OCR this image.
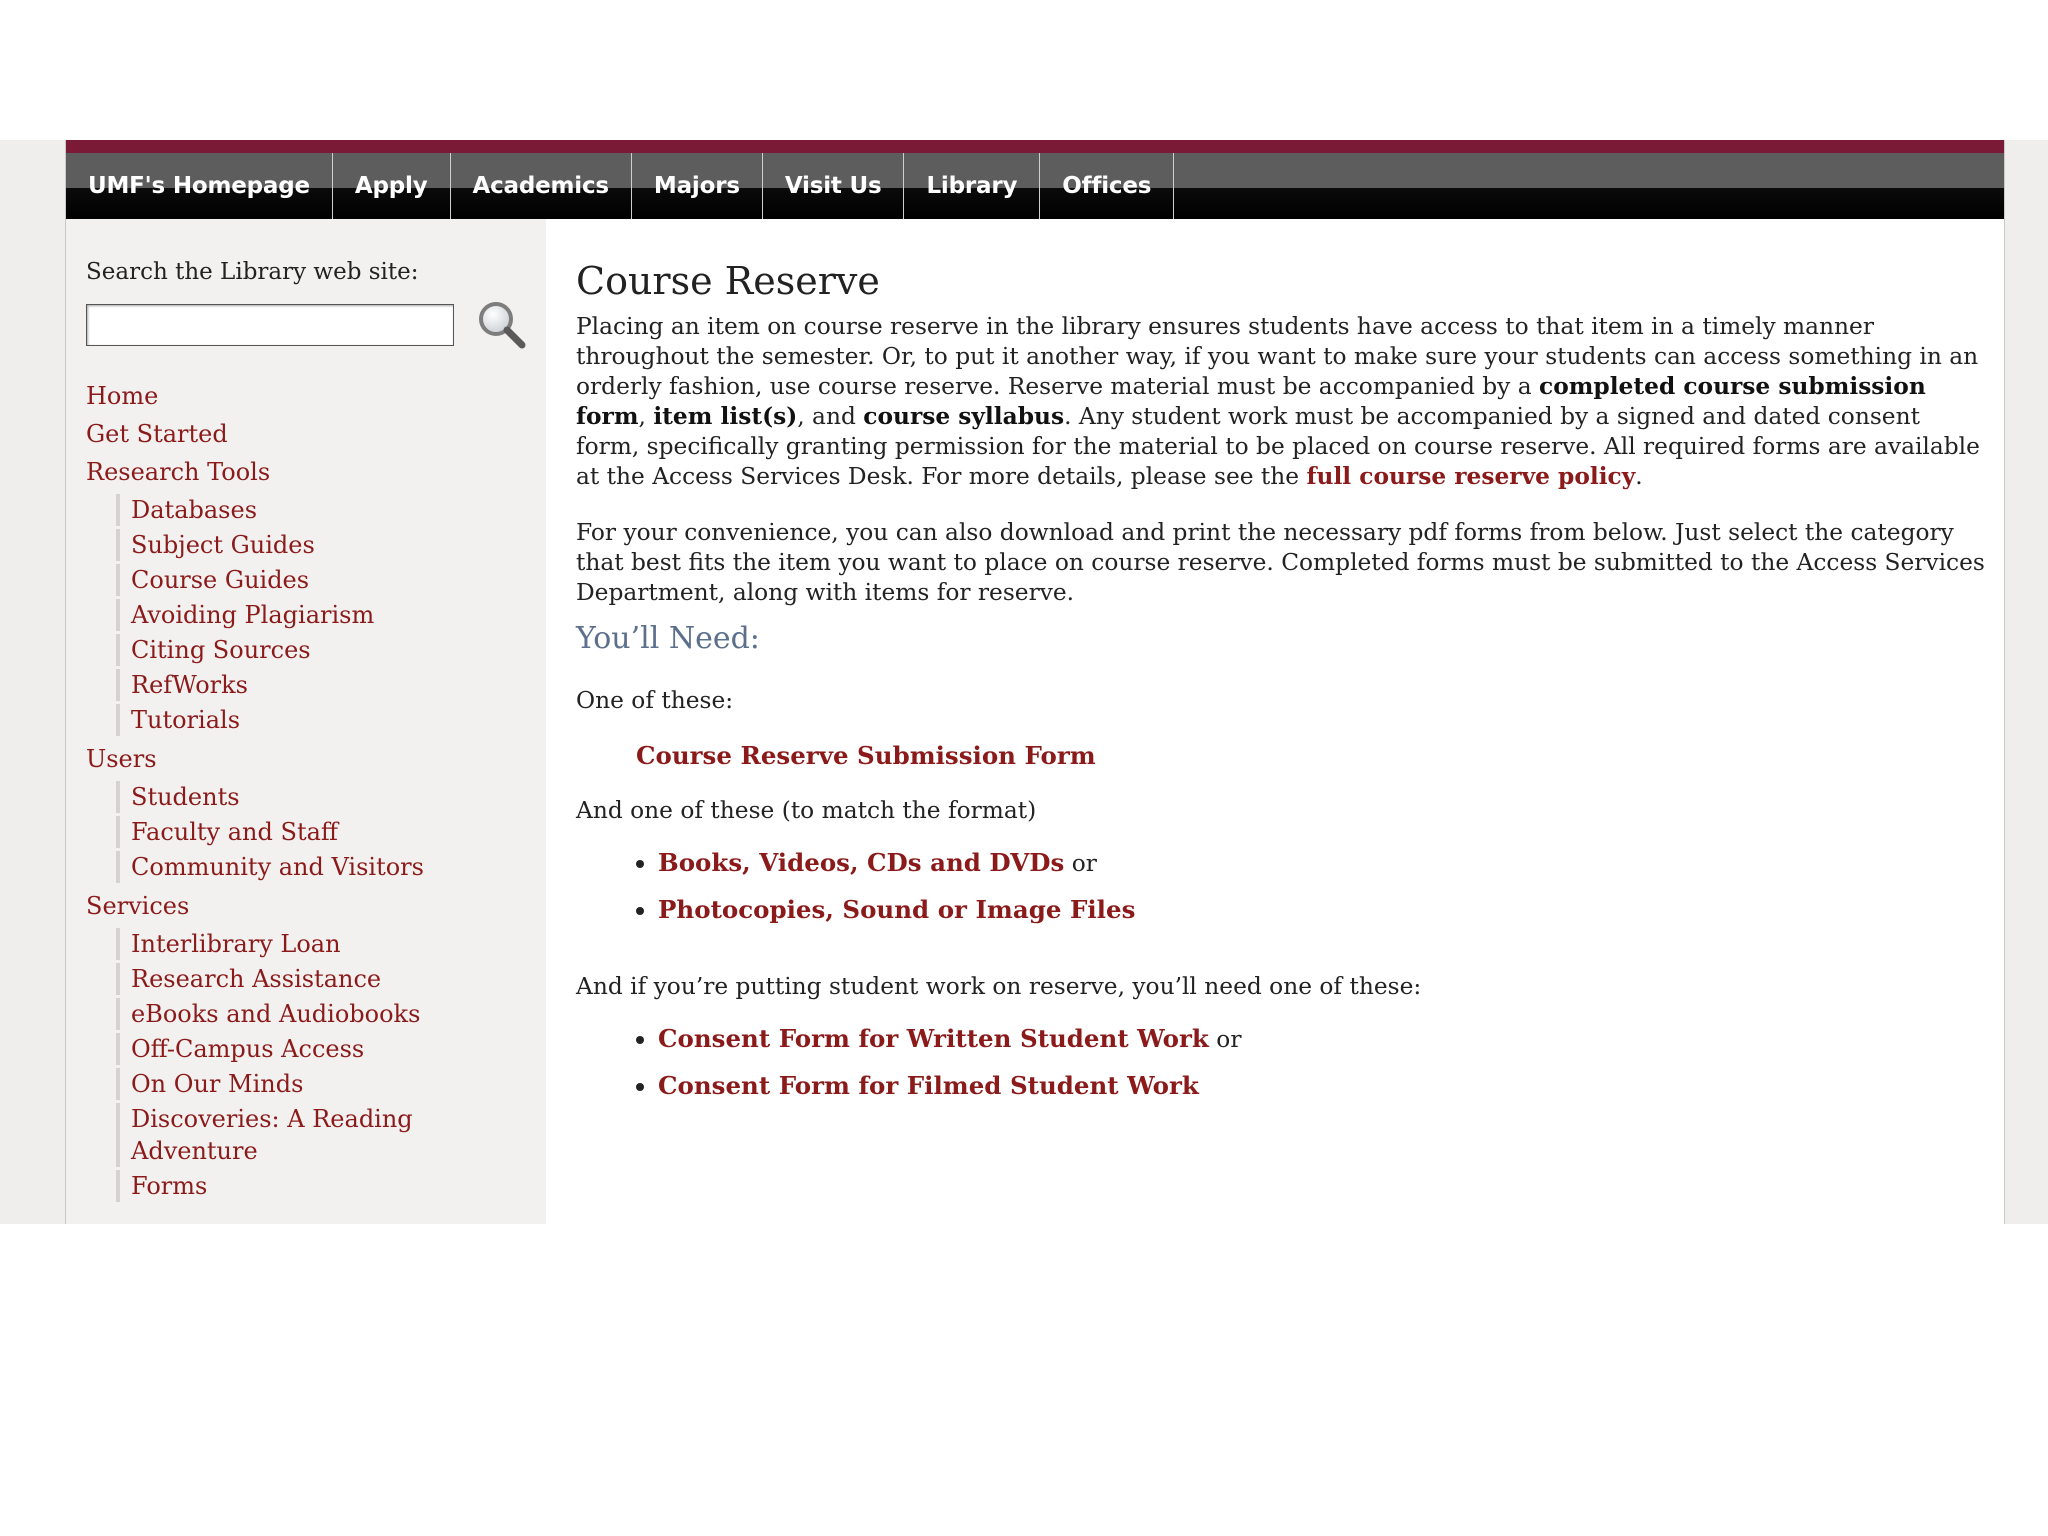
UMF's Homepage	Apply	Academics	Majors	Visit Us	Library	Offices
Search the Library web site:
Home
Get Started
Research Tools
Databases
Subject Guides
Course Guides
Avoiding Plagiarism
Citing Sources
RefWorks
Tutorials
Users
Students
Faculty and Staff
Community and Visitors
Services
Interlibrary Loan
Research Assistance
eBooks and Audiobooks
Off-Campus Access
On Our Minds
Discoveries: A Reading Adventure
Forms
Course Reserve

Placing an item on course reserve in the library ensures students have access to that item in a timely manner throughout the semester. Or, to put it another way, if you want to make sure your students can access something in an orderly fashion, use course reserve. Reserve material must be accompanied by a completed course submission form, item list(s), and course syllabus. Any student work must be accompanied by a signed and dated consent form, specifically granting permission for the material to be placed on course reserve. All required forms are available at the Access Services Desk. For more details, please see the full course reserve policy.

For your convenience, you can also download and print the necessary pdf forms from below. Just select the category that best fits the item you want to place on course reserve. Completed forms must be submitted to the Access Services Department, along with items for reserve.

You’ll Need:

One of these:

Course Reserve Submission Form

And one of these (to match the format)

• Books, Videos, CDs and DVDs or
• Photocopies, Sound or Image Files

And if you’re putting student work on reserve, you’ll need one of these:

• Consent Form for Written Student Work or
• Consent Form for Filmed Student Work
